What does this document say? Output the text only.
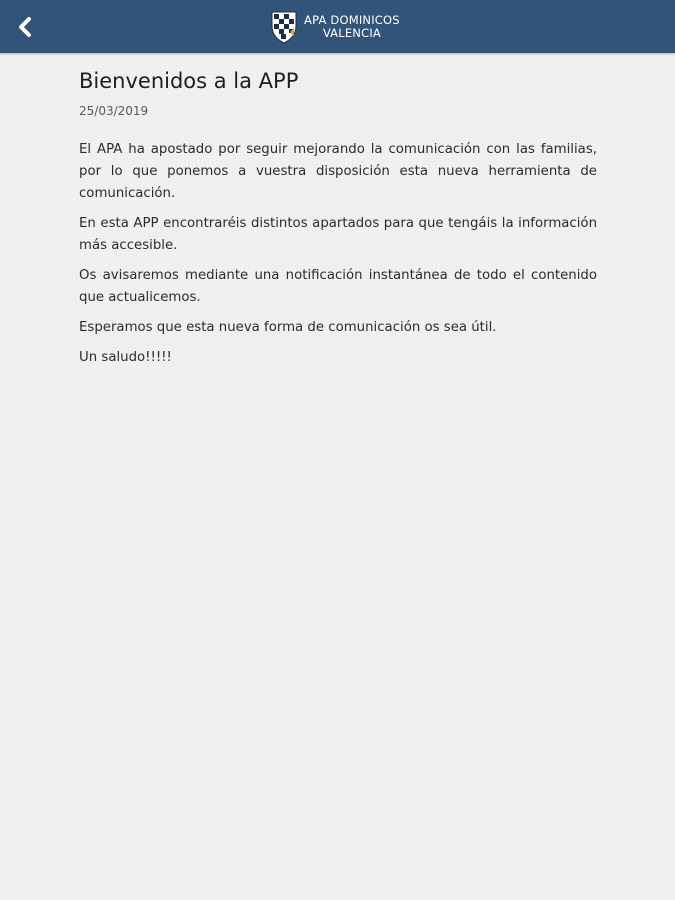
APA DOMINICOS
VALENCIA
Bienvenidos a la APP
25/03/2019

El APA ha apostado por seguir mejorando la comunicación con las familias, por lo que ponemos a vuestra disposición esta nueva herramienta de comunicación.

En esta APP encontraréis distintos apartados para que tengáis la información más accesible.

Os avisaremos mediante una notificación instantánea de todo el contenido que actualicemos.

Esperamos que esta nueva forma de comunicación os sea útil.

Un saludo!!!!!
